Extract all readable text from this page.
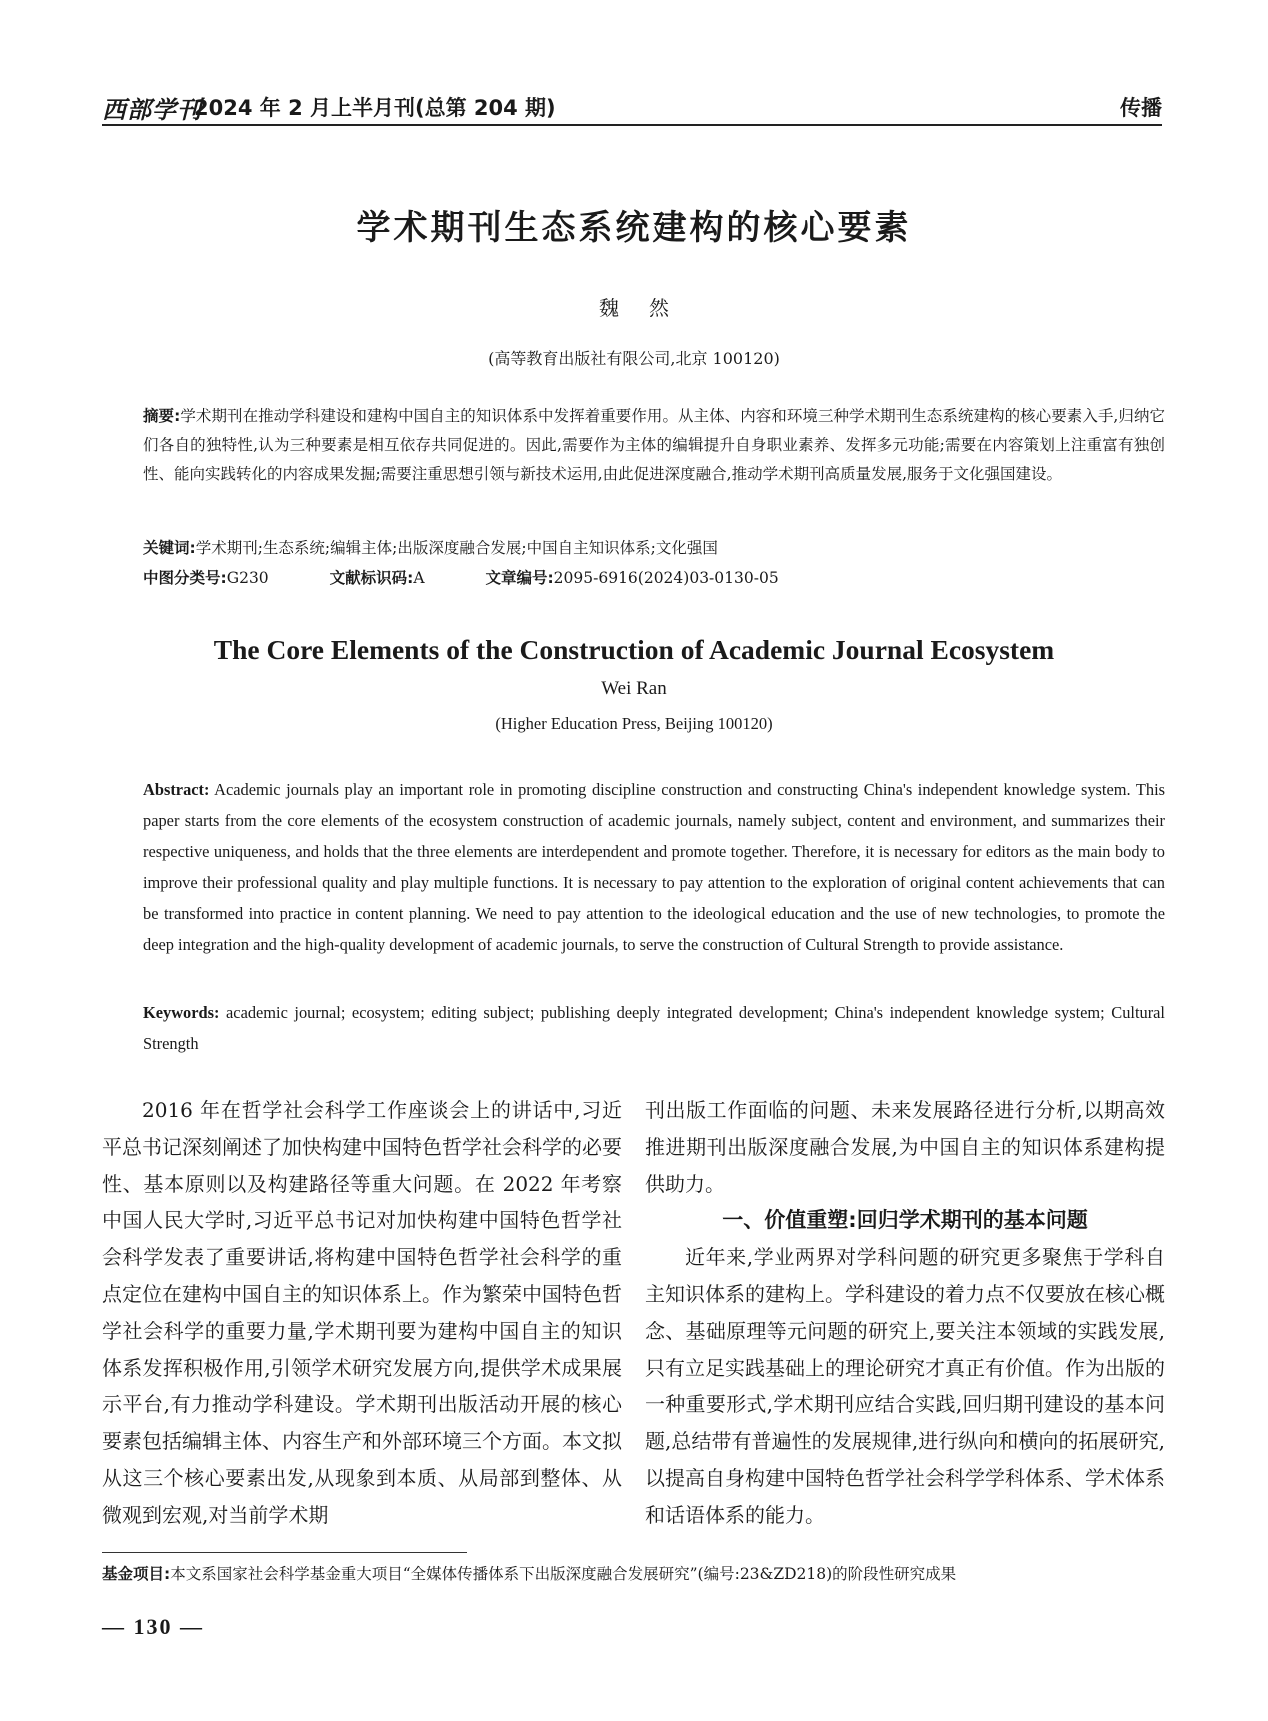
西部学刊
2024 年 2 月上半月刊(总第 204 期)	传播
学术期刊生态系统建构的核心要素
魏然
(高等教育出版社有限公司,北京 100120)
摘要:学术期刊在推动学科建设和建构中国自主的知识体系中发挥着重要作用。从主体、内容和环境三种学术期刊生态系统建构的核心要素入手,归纳它们各自的独特性,认为三种要素是相互依存共同促进的。因此,需要作为主体的编辑提升自身职业素养、发挥多元功能;需要在内容策划上注重富有独创性、能向实践转化的内容成果发掘;需要注重思想引领与新技术运用,由此促进深度融合,推动学术期刊高质量发展,服务于文化强国建设。
关键词:学术期刊;生态系统;编辑主体;出版深度融合发展;中国自主知识体系;文化强国
中图分类号:G230	文献标识码:A	文章编号:2095-6916(2024)03-0130-05
The Core Elements of the Construction of Academic Journal Ecosystem
Wei Ran
(Higher Education Press, Beijing 100120)
Abstract: Academic journals play an important role in promoting discipline construction and constructing China's independent knowledge system. This paper starts from the core elements of the ecosystem construction of academic journals, namely subject, content and environment, and summarizes their respective uniqueness, and holds that the three elements are interdependent and promote together. Therefore, it is necessary for editors as the main body to improve their professional quality and play multiple functions. It is necessary to pay attention to the exploration of original content achievements that can be transformed into practice in content planning. We need to pay attention to the ideological education and the use of new technologies, to promote the deep integration and the high-quality development of academic journals, to serve the construction of Cultural Strength to provide assistance.
Keywords: academic journal; ecosystem; editing subject; publishing deeply integrated development; China's independent knowledge system; Cultural Strength

2016 年在哲学社会科学工作座谈会上的讲话中,习近平总书记深刻阐述了加快构建中国特色哲学社会科学的必要性、基本原则以及构建路径等重大问题。在 2022 年考察中国人民大学时,习近平总书记对加快构建中国特色哲学社会科学发表了重要讲话,将构建中国特色哲学社会科学的重点定位在建构中国自主的知识体系上。作为繁荣中国特色哲学社会科学的重要力量,学术期刊要为建构中国自主的知识体系发挥积极作用,引领学术研究发展方向,提供学术成果展示平台,有力推动学科建设。学术期刊出版活动开展的核心要素包括编辑主体、内容生产和外部环境三个方面。本文拟从这三个核心要素出发,从现象到本质、从局部到整体、从微观到宏观,对当前学术期

刊出版工作面临的问题、未来发展路径进行分析,以期高效推进期刊出版深度融合发展,为中国自主的知识体系建构提供助力。

一、价值重塑:回归学术期刊的基本问题

近年来,学业两界对学科问题的研究更多聚焦于学科自主知识体系的建构上。学科建设的着力点不仅要放在核心概念、基础原理等元问题的研究上,要关注本领域的实践发展,只有立足实践基础上的理论研究才真正有价值。作为出版的一种重要形式,学术期刊应结合实践,回归期刊建设的基本问题,总结带有普遍性的发展规律,进行纵向和横向的拓展研究,以提高自身构建中国特色哲学社会科学学科体系、学术体系和话语体系的能力。

基金项目:本文系国家社会科学基金重大项目“全媒体传播体系下出版深度融合发展研究”(编号:23&ZD218)的阶段性研究成果
— 130 —
